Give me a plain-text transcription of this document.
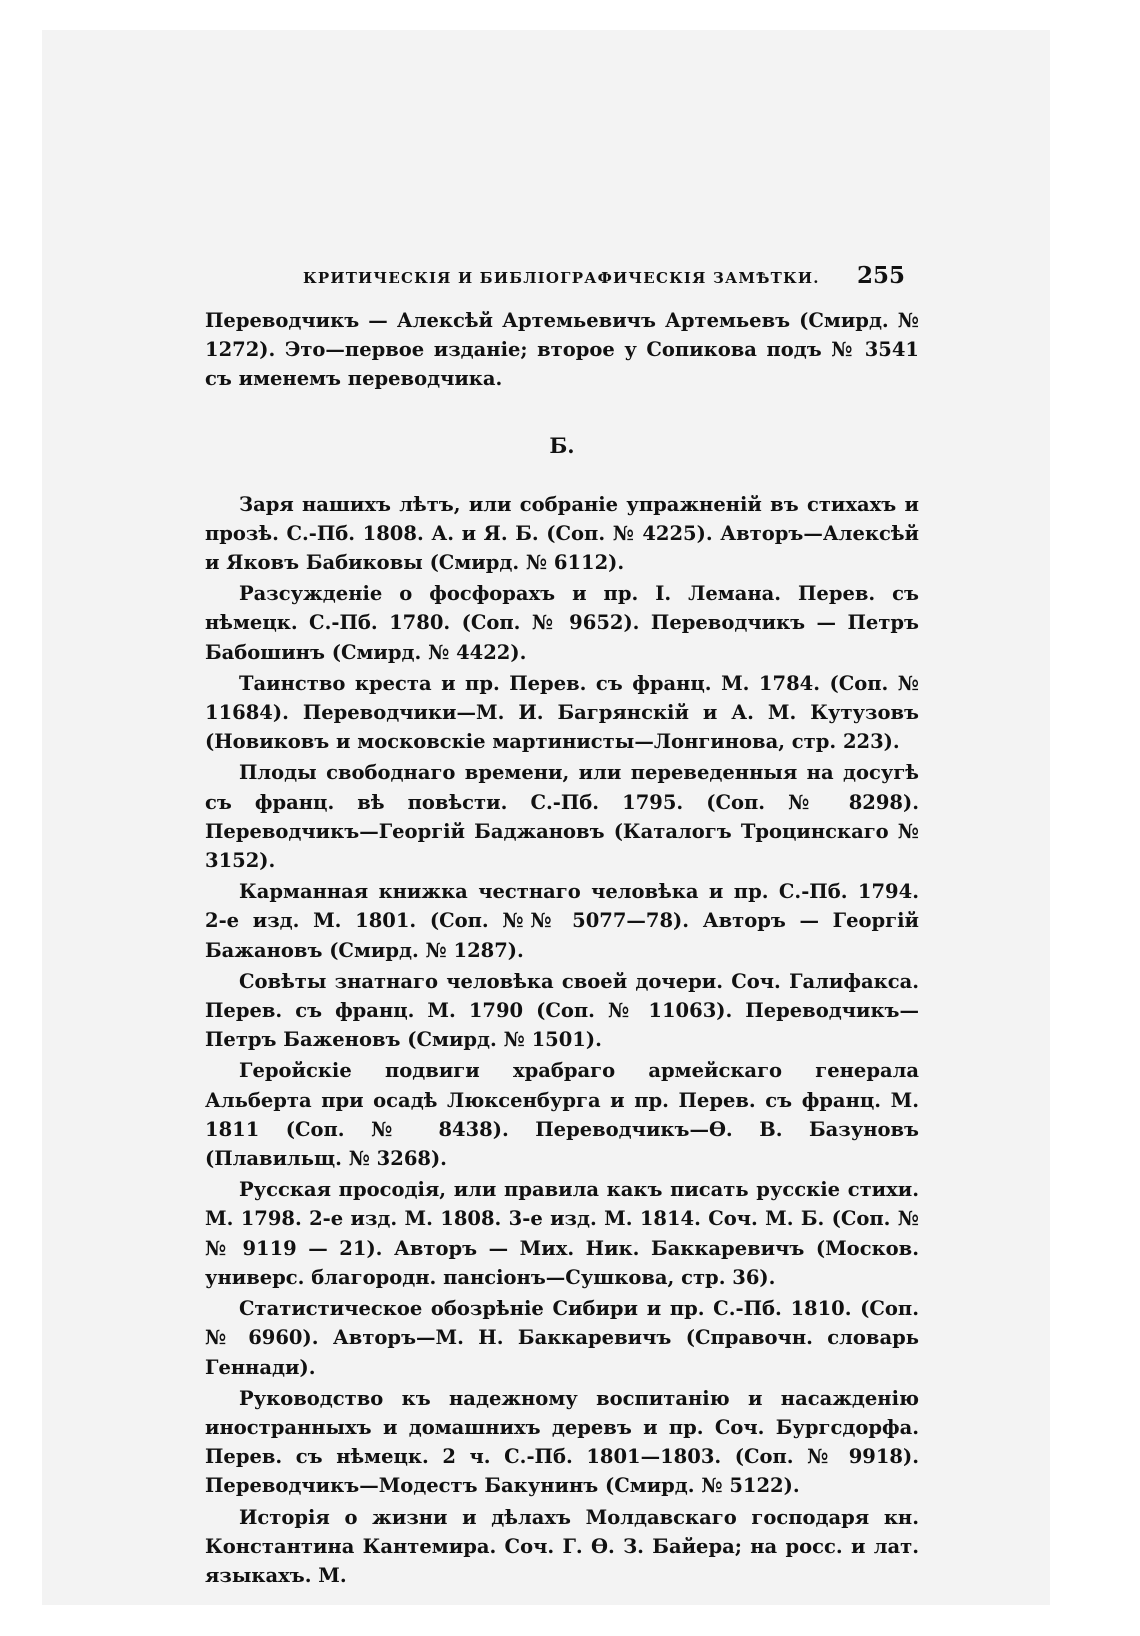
КРИТИЧЕСКІЯ И БИБЛІОГРАФИЧЕСКІЯ ЗАМѢТКИ. 255

Переводчикъ — Алексѣй Артемьевичъ Артемьевъ (Смирд. № 1272). Это—первое изданіе; второе у Сопикова подъ № 3541 съ именемъ переводчика.

Б.

Заря нашихъ лѣтъ, или собраніе упражненій въ стихахъ и прозѣ. С.-Пб. 1808. А. и Я. Б. (Соп. № 4225). Авторъ—Алексѣй и Яковъ Бабиковы (Смирд. № 6112).

Разсужденіе о фосфорахъ и пр. І. Лемана. Перев. съ нѣмецк. С.-Пб. 1780. (Соп. № 9652). Переводчикъ — Петръ Бабошинъ (Смирд. № 4422).

Таинство креста и пр. Перев. съ франц. М. 1784. (Соп. № 11684). Переводчики—М. И. Багрянскій и А. М. Кутузовъ (Новиковъ и московскіе мартинисты—Лонгинова, стр. 223).

Плоды свободнаго времени, или переведенныя на досугѣ съ франц. вѣ повѣсти. С.-Пб. 1795. (Соп. № 8298). Переводчикъ—Георгій Баджановъ (Каталогъ Троцинскаго № 3152).

Карманная книжка честнаго человѣка и пр. С.-Пб. 1794. 2-е изд. М. 1801. (Соп. №№ 5077—78). Авторъ — Георгій Бажановъ (Смирд. № 1287).

Совѣты знатнаго человѣка своей дочери. Соч. Галифакса. Перев. съ франц. М. 1790 (Соп. № 11063). Переводчикъ—Петръ Баженовъ (Смирд. № 1501).

Геройскіе подвиги храбраго армейскаго генерала Альберта при осадѣ Люксенбурга и пр. Перев. съ франц. М. 1811 (Соп. № 8438). Переводчикъ—Ѳ. В. Базуновъ (Плавильщ. № 3268).

Русская просодія, или правила какъ писать русскіе стихи. М. 1798. 2-е изд. М. 1808. 3-е изд. М. 1814. Соч. М. Б. (Соп. №№ 9119 — 21). Авторъ — Мих. Ник. Баккаревичъ (Москов. универс. благородн. пансіонъ—Сушкова, стр. 36).

Статистическое обозрѣніе Сибири и пр. С.-Пб. 1810. (Соп. № 6960). Авторъ—М. Н. Баккаревичъ (Справочн. словарь Геннади).

Руководство къ надежному воспитанію и насажденію иностранныхъ и домашнихъ деревъ и пр. Соч. Бургсдорфа. Перев. съ нѣмецк. 2 ч. С.-Пб. 1801—1803. (Соп. № 9918). Переводчикъ—Модестъ Бакунинъ (Смирд. № 5122).

Исторія о жизни и дѣлахъ Молдавскаго господаря кн. Константина Кантемира. Соч. Г. Ѳ. З. Байера; на росс. и лат. языкахъ. М.
